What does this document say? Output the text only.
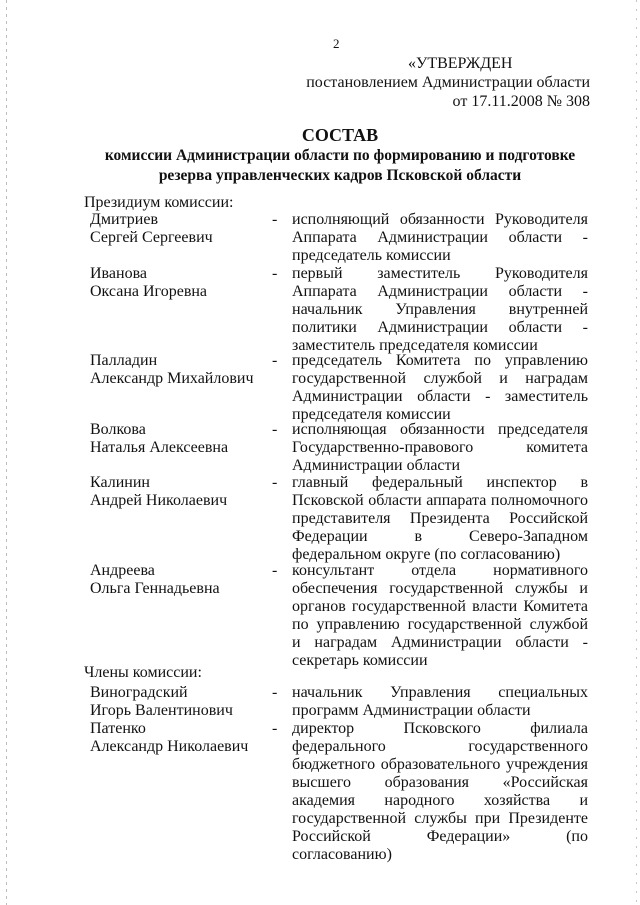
2
«УТВЕРЖДЕН
постановлением Администрации области
от 17.11.2008 № 308
СОСТАВ
комиссии Администрации области по формированию и подготовке
резерва управленческих кадров Псковской области
Президиум комиссии:
Дмитриев
Сергей Сергеевич
- исполняющий обязанности Руководителя
Аппарата Администрации области -
председатель комиссии
Иванова
Оксана Игоревна
- первый заместитель Руководителя
Аппарата Администрации области -
начальник Управления внутренней
политики Администрации области -
заместитель председателя комиссии
Палладин
Александр Михайлович
- председатель Комитета по управлению
государственной службой и наградам
Администрации области - заместитель
председателя комиссии
Волкова
Наталья Алексеевна
- исполняющая обязанности председателя
Государственно-правового комитета
Администрации области
Калинин
Андрей Николаевич
- главный федеральный инспектор в
Псковской области аппарата полномочного
представителя Президента Российской
Федерации в Северо-Западном
федеральном округе (по согласованию)
Андреева
Ольга Геннадьевна
- консультант отдела нормативного
обеспечения государственной службы и
органов государственной власти Комитета
по управлению государственной службой
и наградам Администрации области -
секретарь комиссии
Члены комиссии:
Виноградский
Игорь Валентинович
- начальник Управления специальных
программ Администрации области
Патенко
Александр Николаевич
- директор Псковского филиала
федерального государственного
бюджетного образовательного учреждения
высшего образования «Российская
академия народного хозяйства и
государственной службы при Президенте
Российской Федерации» (по
согласованию)
